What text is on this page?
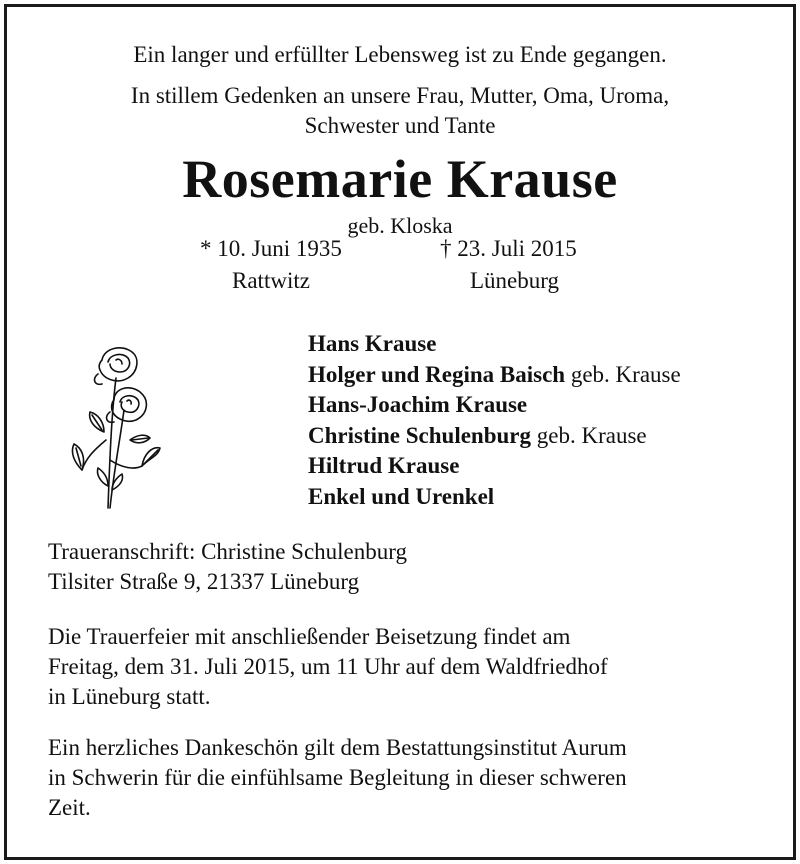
Ein langer und erfüllter Lebensweg ist zu Ende gegangen.
In stillem Gedenken an unsere Frau, Mutter, Oma, Uroma,
Schwester und Tante
Rosemarie Krause
geb. Kloska
* 10. Juni 1935	† 23. Juli 2015
Rattwitz	Lüneburg
Hans Krause
Holger und Regina Baisch geb. Krause
Hans-Joachim Krause
Christine Schulenburg geb. Krause
Hiltrud Krause
Enkel und Urenkel
Traueranschrift: Christine Schulenburg
Tilsiter Straße 9, 21337 Lüneburg
Die Trauerfeier mit anschließender Beisetzung findet am
Freitag, dem 31. Juli 2015, um 11 Uhr auf dem Waldfriedhof
in Lüneburg statt.
Ein herzliches Dankeschön gilt dem Bestattungsinstitut Aurum
in Schwerin für die einfühlsame Begleitung in dieser schweren
Zeit.
